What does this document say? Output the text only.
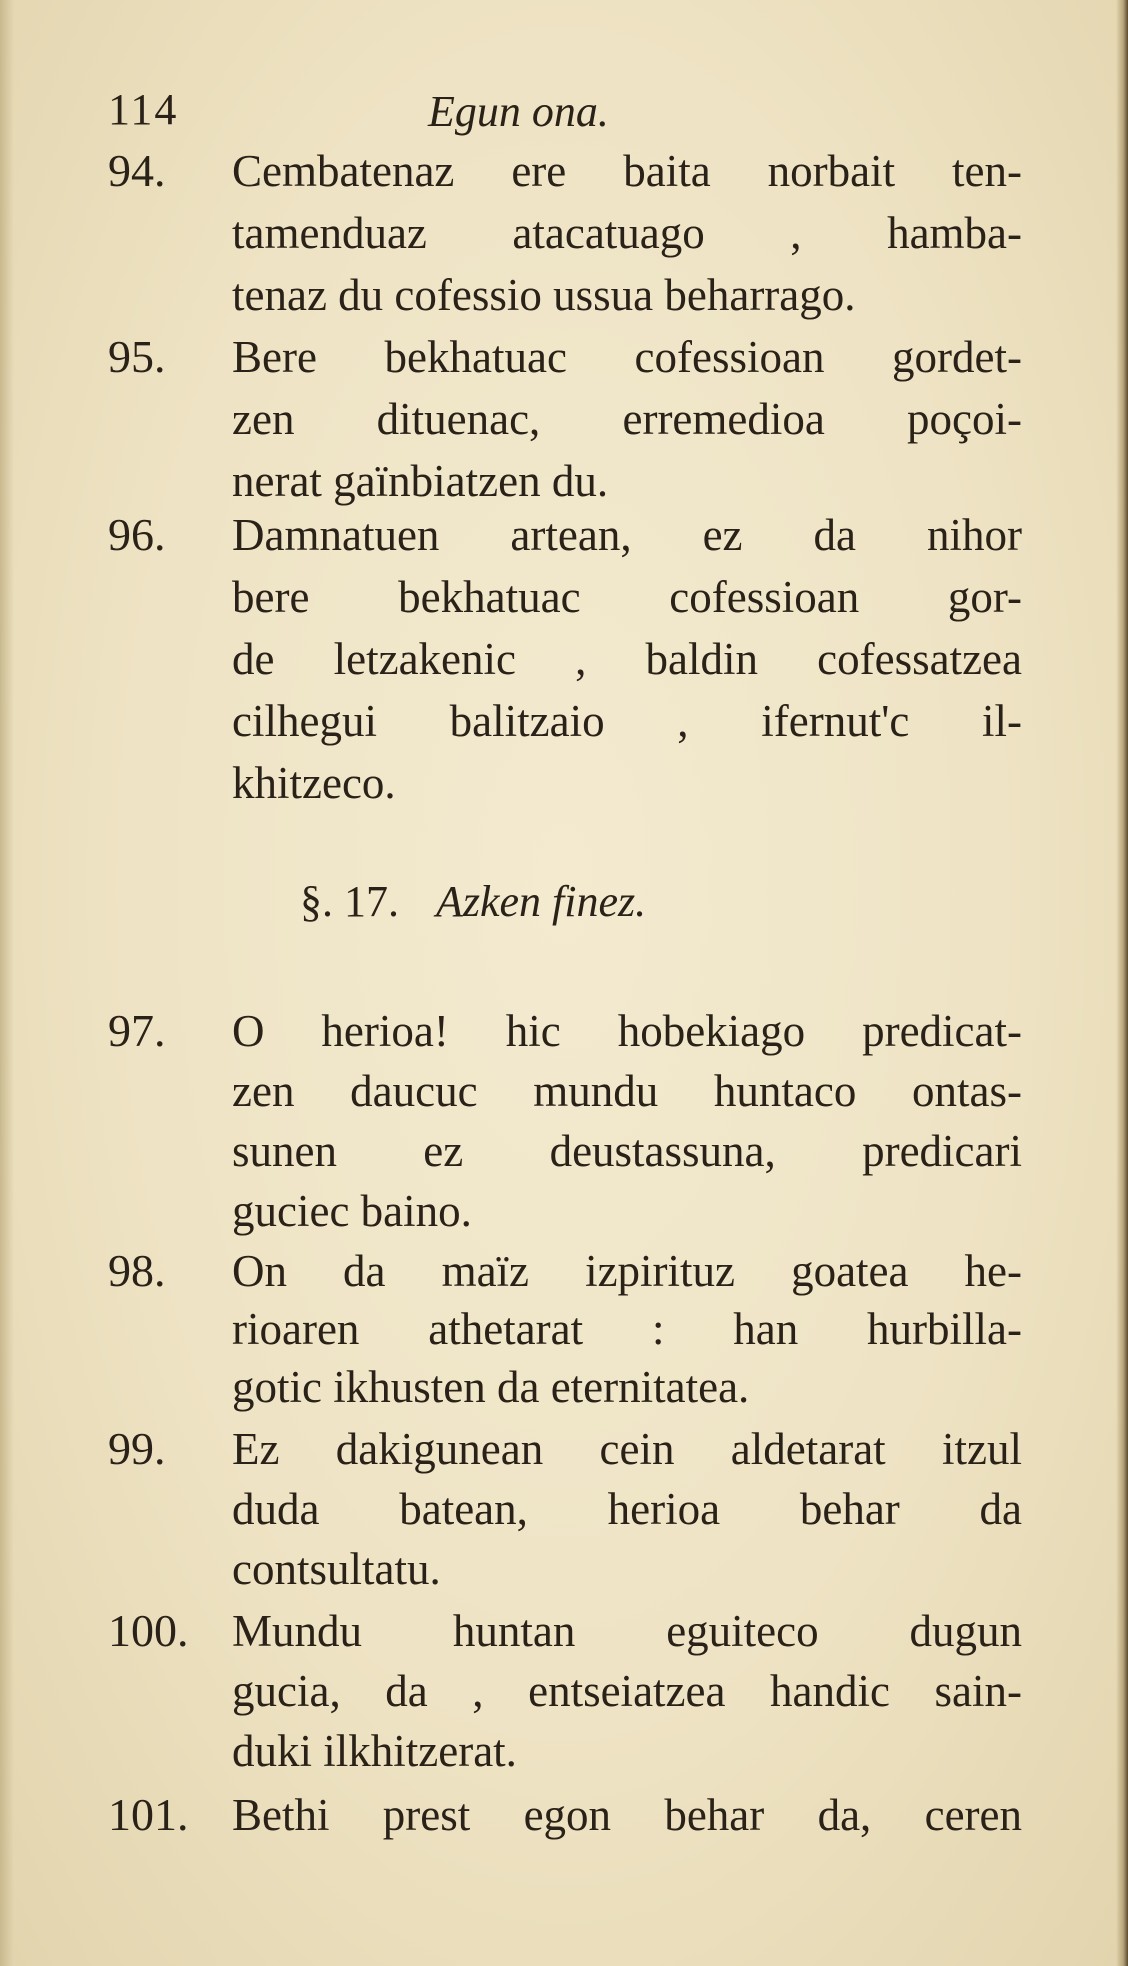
114	Egun ona.
94. Cembatenaz ere baita norbait ten-
tamenduaz atacatuago , hamba-
tenaz du cofessio ussua beharrago.
95. Bere bekhatuac cofessioan gordet-
zen dituenac, erremedioa poçoi-
nerat gaïnbiatzen du.
96. Damnatuen artean, ez da nihor
bere bekhatuac cofessioan gor-
de letzakenic , baldin cofessatzea
cilhegui balitzaio , ifernut'c il-
khitzeco.
§. 17. Azken finez.
97. O herioa! hic hobekiago predicat-
zen daucuc mundu huntaco ontas-
sunen ez deustassuna, predicari
guciec baino.
98. On da maïz izpirituz goatea he-
rioaren athetarat : han hurbilla-
gotic ikhusten da eternitatea.
99. Ez dakigunean cein aldetarat itzul
duda batean, herioa behar da
contsultatu.
100. Mundu huntan eguiteco dugun
gucia, da , entseiatzea handic sain-
duki ilkhitzerat.
101. Bethi prest egon behar da, ceren
